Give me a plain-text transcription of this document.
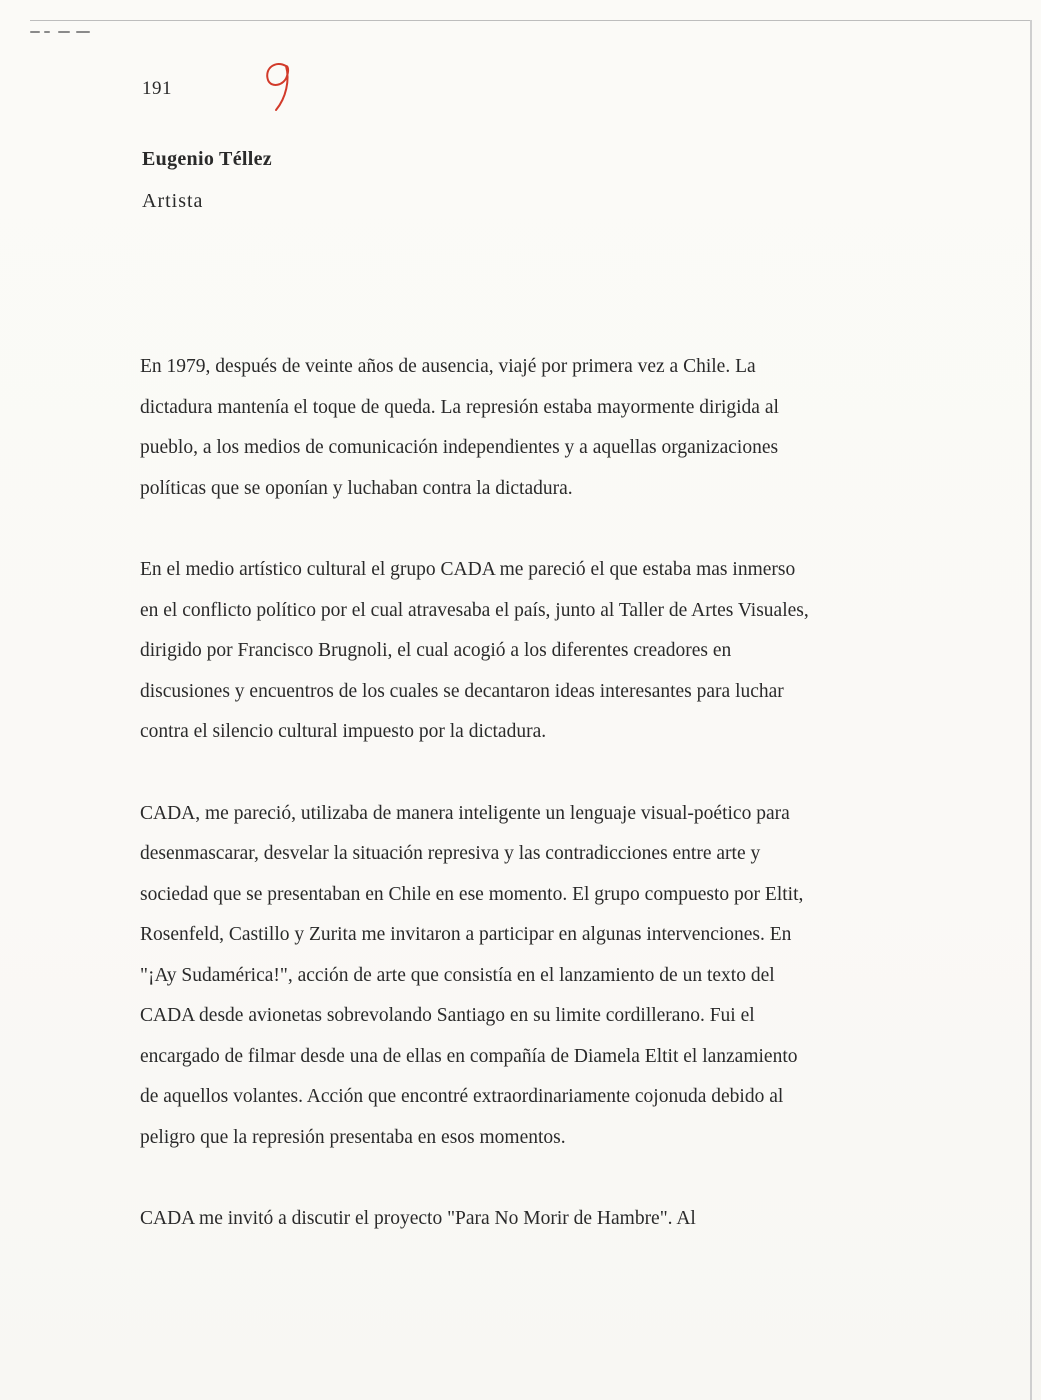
191
Eugenio Téllez
Artista

En 1979, después de veinte años de ausencia, viajé por primera vez a Chile. La
dictadura mantenía el toque de queda. La represión estaba mayormente dirigida al
pueblo, a los medios de comunicación independientes y a aquellas organizaciones
políticas que se oponían y luchaban contra la dictadura.

En el medio artístico cultural el grupo CADA me pareció el que estaba mas inmerso
en el conflicto político por el cual atravesaba el país, junto al Taller de Artes Visuales,
dirigido por Francisco Brugnoli, el cual acogió a los diferentes creadores en
discusiones y encuentros de los cuales se decantaron ideas interesantes para luchar
contra el silencio cultural impuesto por la dictadura.

CADA, me pareció, utilizaba de manera inteligente un lenguaje visual-poético para
desenmascarar, desvelar la situación represiva y las contradicciones entre arte y
sociedad que se presentaban en Chile en ese momento. El grupo compuesto por Eltit,
Rosenfeld, Castillo y Zurita me invitaron a participar en algunas intervenciones. En
"¡Ay Sudamérica!", acción de arte que consistía en el lanzamiento de un texto del
CADA desde avionetas sobrevolando Santiago en su limite cordillerano. Fui el
encargado de filmar desde una de ellas en compañía de Diamela Eltit el lanzamiento
de aquellos volantes. Acción que encontré extraordinariamente cojonuda debido al
peligro que la represión presentaba en esos momentos.

CADA me invitó a discutir el proyecto "Para No Morir de Hambre". Al
